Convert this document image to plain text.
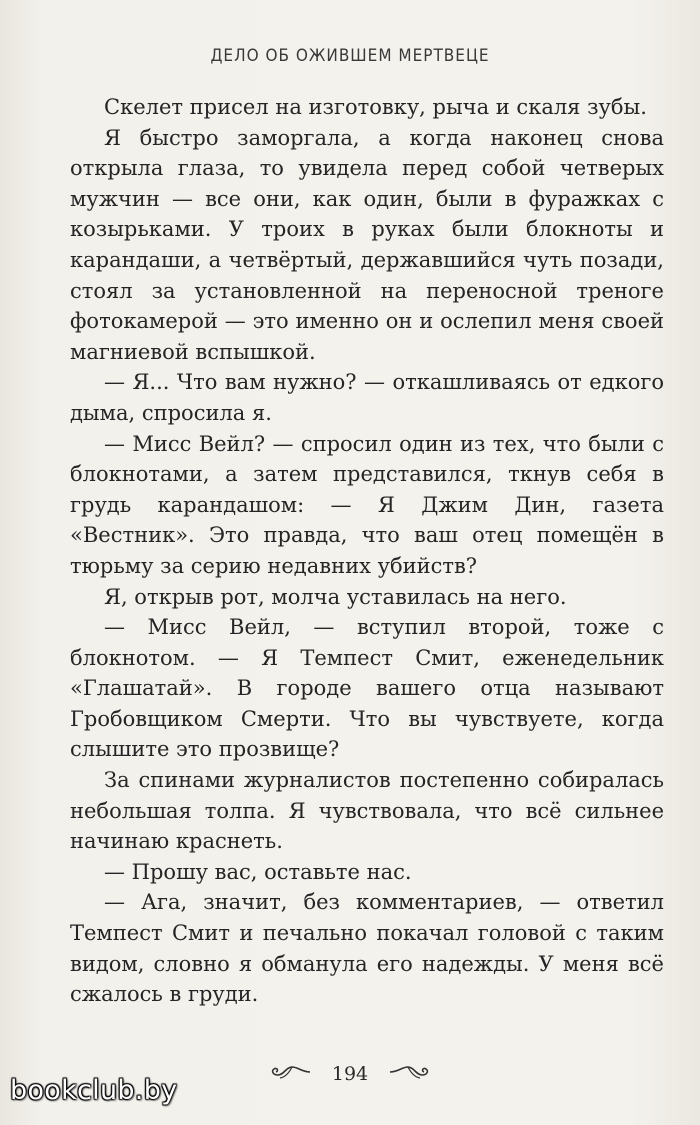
ДЕЛО ОБ ОЖИВШЕМ МЕРТВЕЦЕ

Скелет присел на изготовку, рыча и скаля зубы.

Я быстро заморгала, а когда наконец снова открыла глаза, то увидела перед собой четверых мужчин — все они, как один, были в фуражках с козырьками. У троих в руках были блокноты и карандаши, а четвёртый, державшийся чуть позади, стоял за установленной на переносной треноге фотокамерой — это именно он и ослепил меня своей магниевой вспышкой.

— Я... Что вам нужно? — откашливаясь от едкого дыма, спросила я.

— Мисс Вейл? — спросил один из тех, что были с блокнотами, а затем представился, ткнув себя в грудь карандашом: — Я Джим Дин, газета «Вестник». Это правда, что ваш отец помещён в тюрьму за серию недавних убийств?

Я, открыв рот, молча уставилась на него.

— Мисс Вейл, — вступил второй, тоже с блокнотом. — Я Темпест Смит, еженедельник «Глашатай». В городе вашего отца называют Гробовщиком Смерти. Что вы чувствуете, когда слышите это прозвище?

За спинами журналистов постепенно собиралась небольшая толпа. Я чувствовала, что всё сильнее начинаю краснеть.

— Прошу вас, оставьте нас.

— Ага, значит, без комментариев, — ответил Темпест Смит и печально покачал головой с таким видом, словно я обманула его надежды. У меня всё сжалось в груди.

194
bookclub.by
